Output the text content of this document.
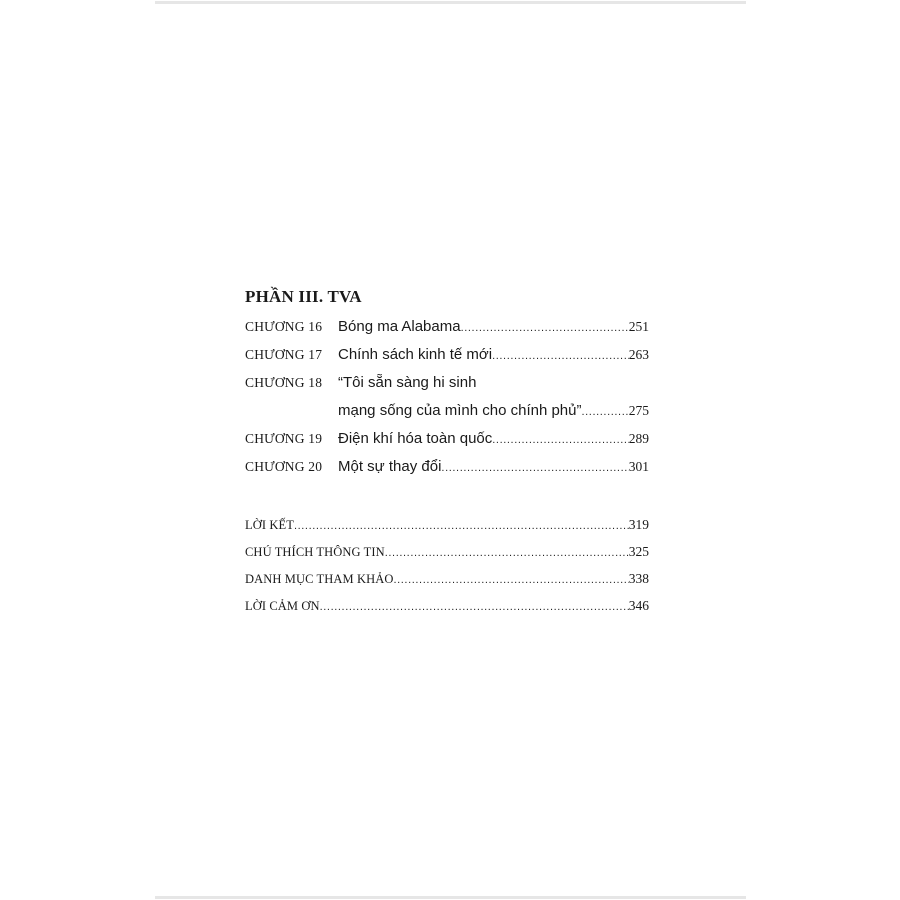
PHẦN III. TVA
CHƯƠNG 16	Bóng ma Alabama .....	251
CHƯƠNG 17	Chính sách kinh tế mới .....	263
CHƯƠNG 18	“Tôi sẵn sàng hi sinh
mạng sống của mình cho chính phủ” .....	275
CHƯƠNG 19	Điện khí hóa toàn quốc .....	289
CHƯƠNG 20	Một sự thay đổi .....	301
LỜI KẾT .....	319
CHÚ THÍCH THÔNG TIN .....	325
DANH MỤC THAM KHẢO .....	338
LỜI CẢM ƠN .....	346
